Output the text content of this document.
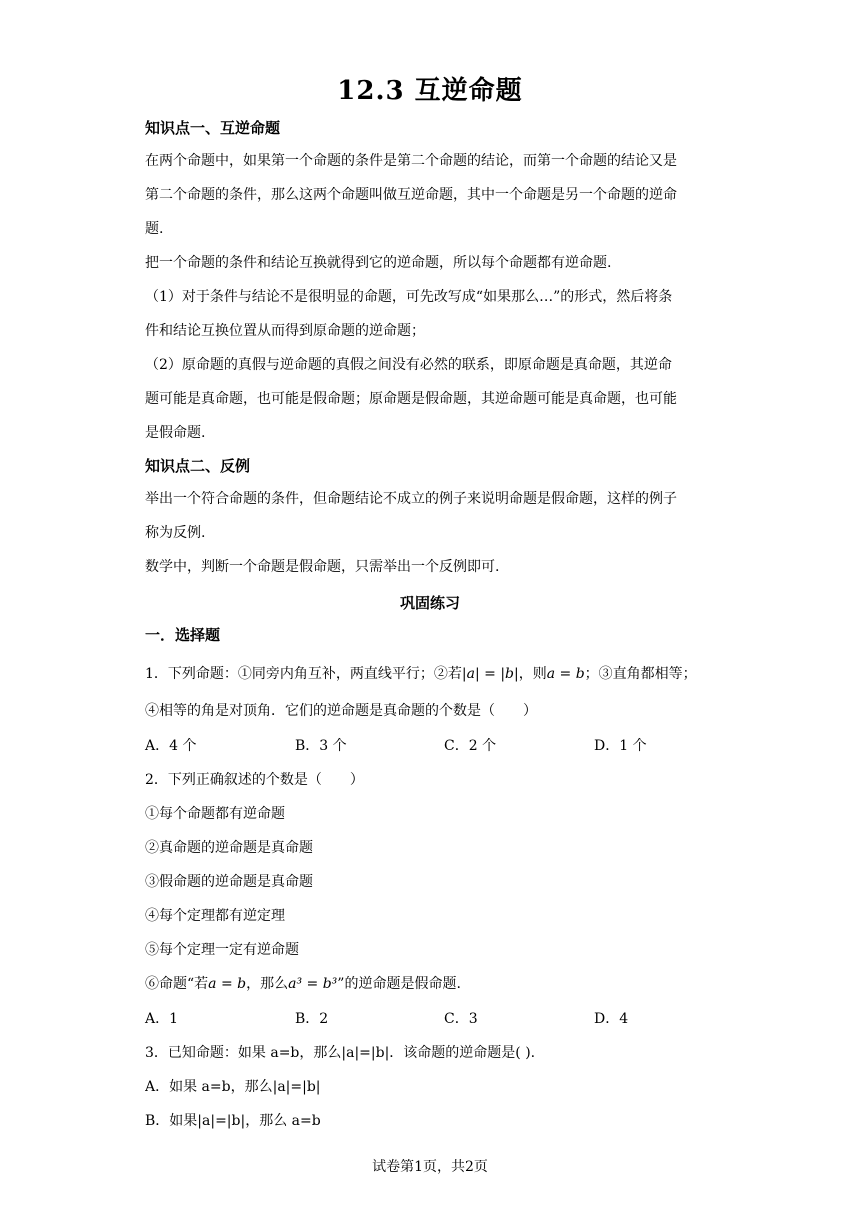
12.3 互逆命题
知识点一、互逆命题
在两个命题中，如果第一个命题的条件是第二个命题的结论，而第一个命题的结论又是
第二个命题的条件，那么这两个命题叫做互逆命题，其中一个命题是另一个命题的逆命
题.
把一个命题的条件和结论互换就得到它的逆命题，所以每个命题都有逆命题.
（1）对于条件与结论不是很明显的命题，可先改写成“如果那么…”的形式，然后将条
件和结论互换位置从而得到原命题的逆命题；
（2）原命题的真假与逆命题的真假之间没有必然的联系，即原命题是真命题，其逆命
题可能是真命题，也可能是假命题；原命题是假命题，其逆命题可能是真命题，也可能
是假命题.
知识点二、反例
举出一个符合命题的条件，但命题结论不成立的例子来说明命题是假命题，这样的例子
称为反例.
数学中，判断一个命题是假命题，只需举出一个反例即可.
巩固练习
一．选择题
1．下列命题：①同旁内角互补，两直线平行；②若|a| = |b|，则a = b；③直角都相等；
④相等的角是对顶角．它们的逆命题是真命题的个数是（　　）
A．4 个	B．3 个	C．2 个	D．1 个
2．下列正确叙述的个数是（　　）
①每个命题都有逆命题
②真命题的逆命题是真命题
③假命题的逆命题是真命题
④每个定理都有逆定理
⑤每个定理一定有逆命题
⑥命题“若a = b，那么a³ = b³”的逆命题是假命题.
A．1	B．2	C．3	D．4
3．已知命题：如果 a=b，那么|a|=|b|．该命题的逆命题是( ).
A．如果 a=b，那么|a|=|b|
B．如果|a|=|b|，那么 a=b
试卷第1页，共2页
